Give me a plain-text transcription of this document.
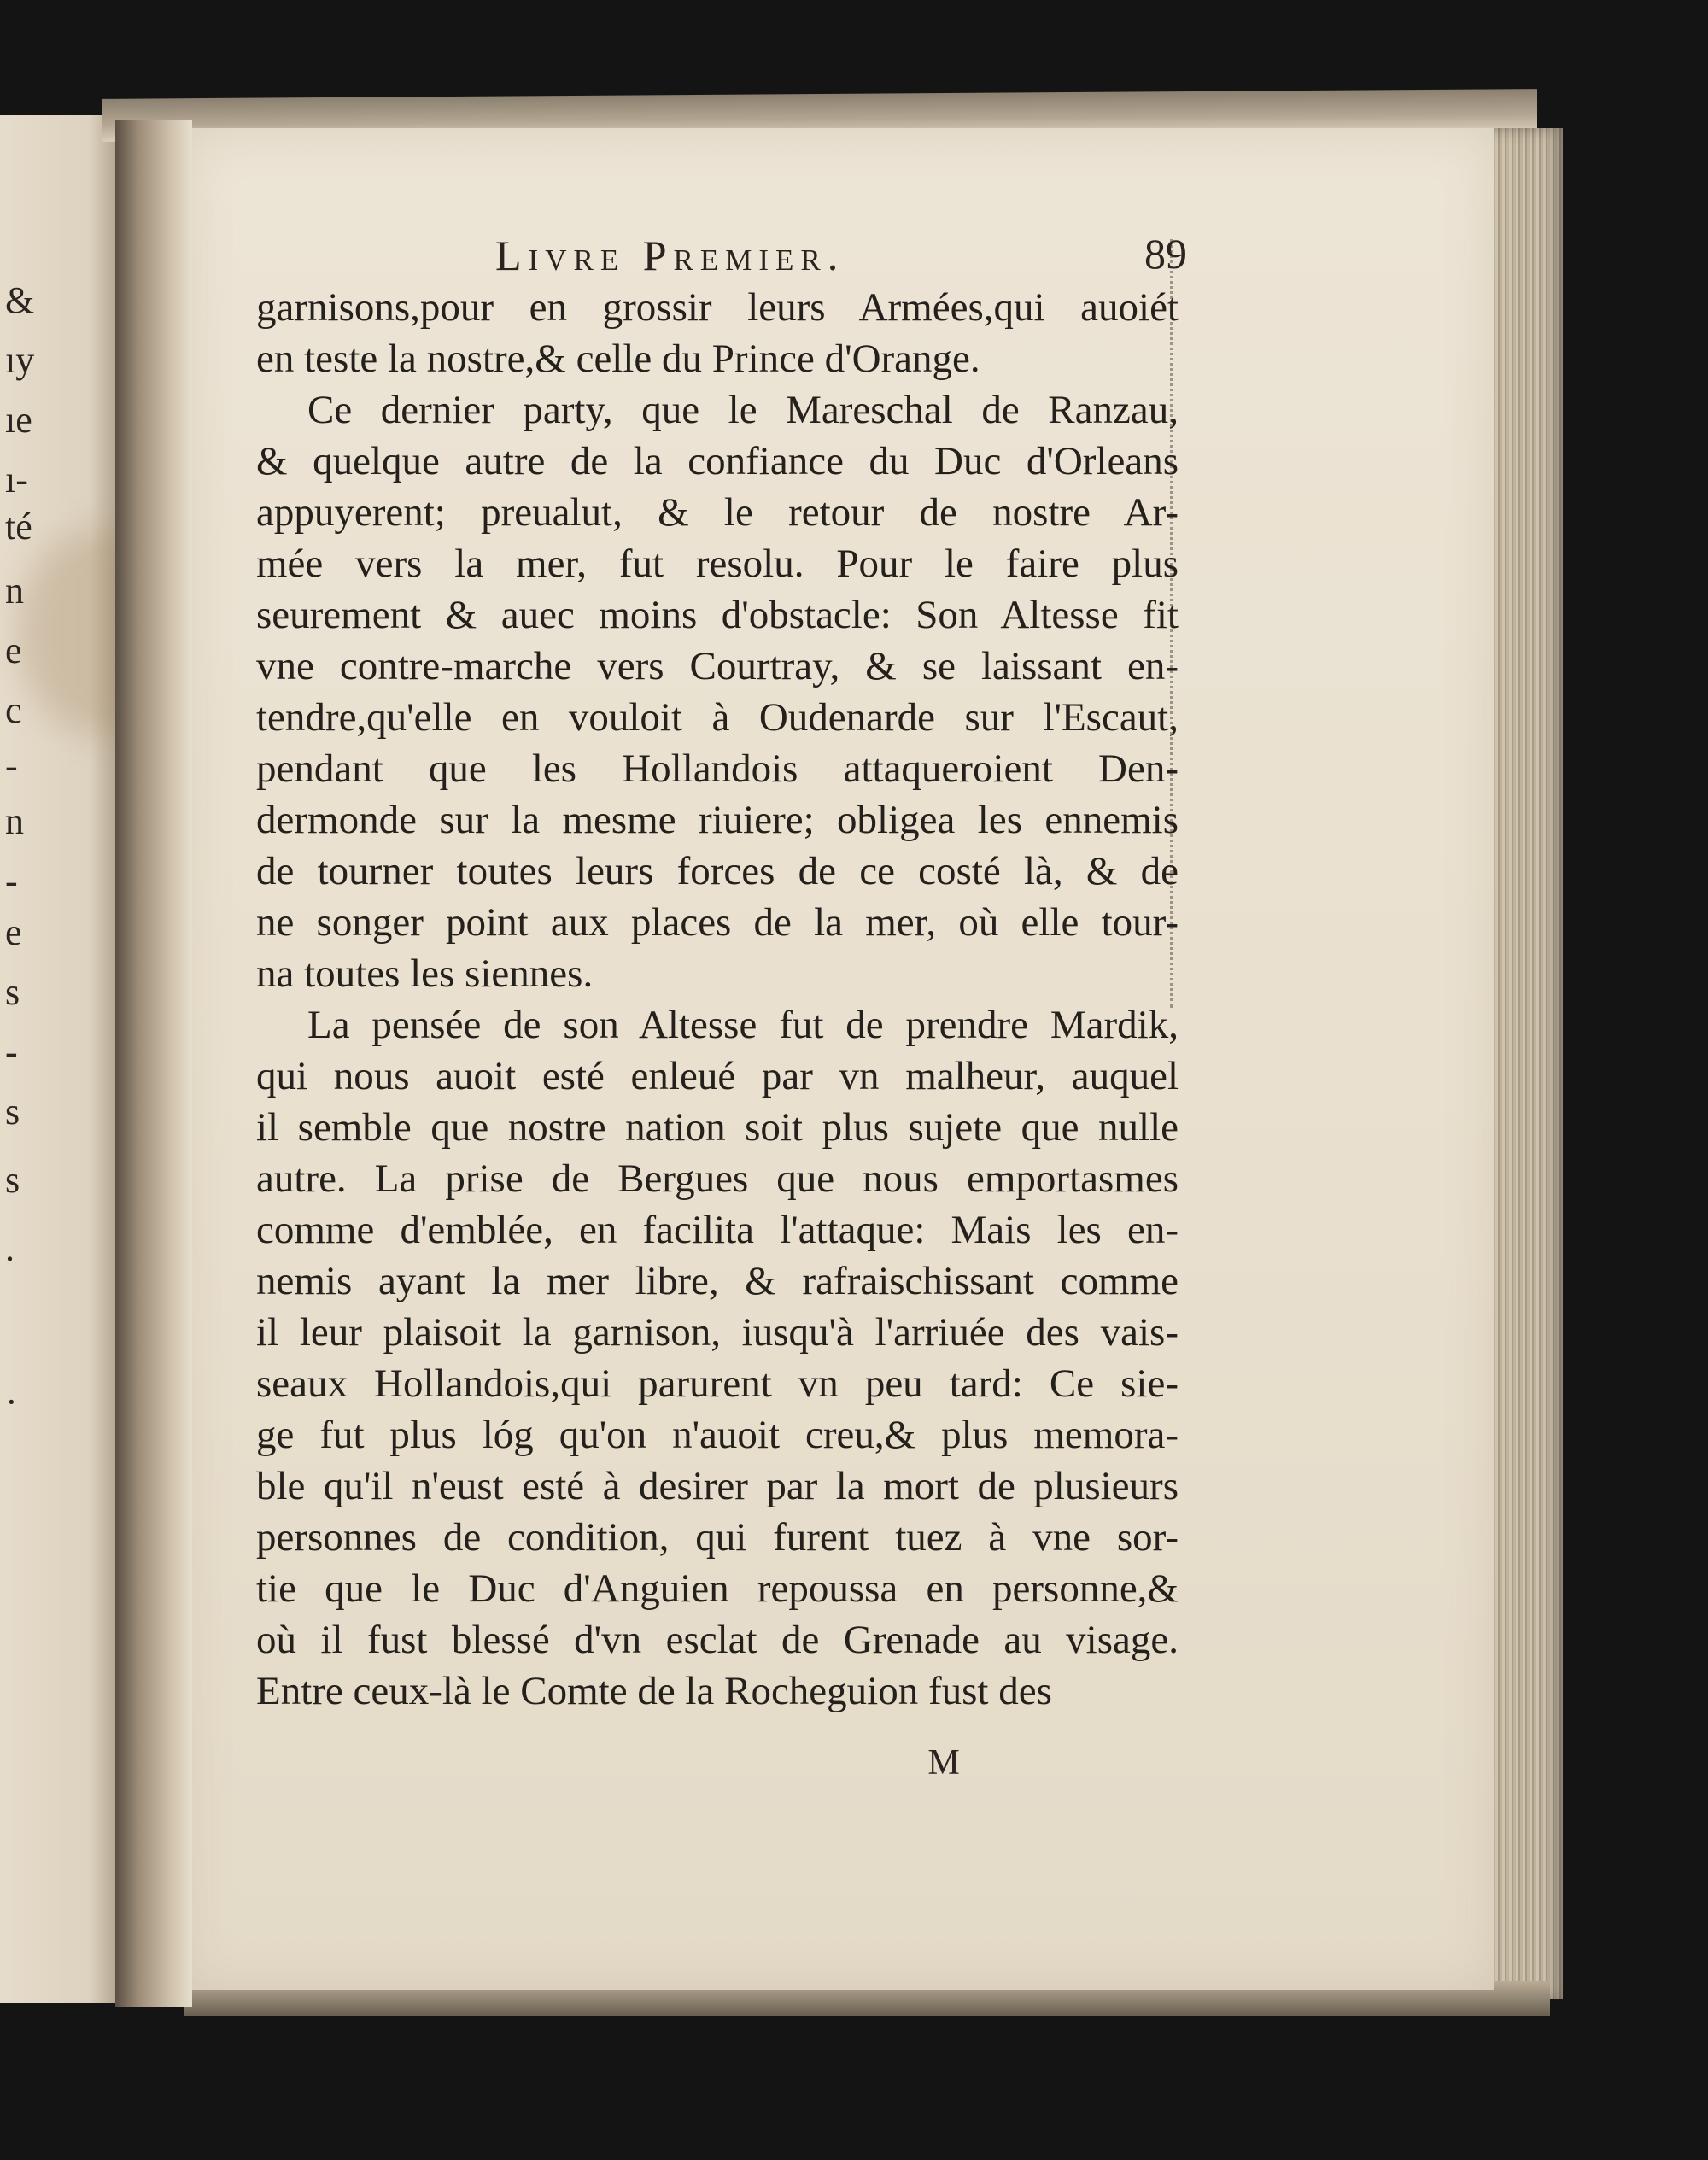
&
ıy
ıe
ı-
té
n
e
c
-
n
-
e
s
-
s
s
.
·
Livre Premier.	89
garnisons,pour en grossir leurs Armées,qui auoiét
en teste la nostre,& celle du Prince d'Orange.
Ce dernier party, que le Mareschal de Ranzau,
& quelque autre de la confiance du Duc d'Orleans
appuyerent; preualut, & le retour de nostre Ar-
mée vers la mer, fut resolu. Pour le faire plus
seurement & auec moins d'obstacle: Son Altesse fit
vne contre-marche vers Courtray, & se laissant en-
tendre,qu'elle en vouloit à Oudenarde sur l'Escaut,
pendant que les Hollandois attaqueroient Den-
dermonde sur la mesme riuiere; obligea les ennemis
de tourner toutes leurs forces de ce costé là, & de
ne songer point aux places de la mer, où elle tour-
na toutes les siennes.
La pensée de son Altesse fut de prendre Mardik,
qui nous auoit esté enleué par vn malheur, auquel
il semble que nostre nation soit plus sujete que nulle
autre. La prise de Bergues que nous emportasmes
comme d'emblée, en facilita l'attaque: Mais les en-
nemis ayant la mer libre, & rafraischissant comme
il leur plaisoit la garnison, iusqu'à l'arriuée des vais-
seaux Hollandois,qui parurent vn peu tard: Ce sie-
ge fut plus lóg qu'on n'auoit creu,& plus memora-
ble qu'il n'eust esté à desirer par la mort de plusieurs
personnes de condition, qui furent tuez à vne sor-
tie que le Duc d'Anguien repoussa en personne,&
où il fust blessé d'vn esclat de Grenade au visage.
Entre ceux-là le Comte de la Rocheguion fust des
M
